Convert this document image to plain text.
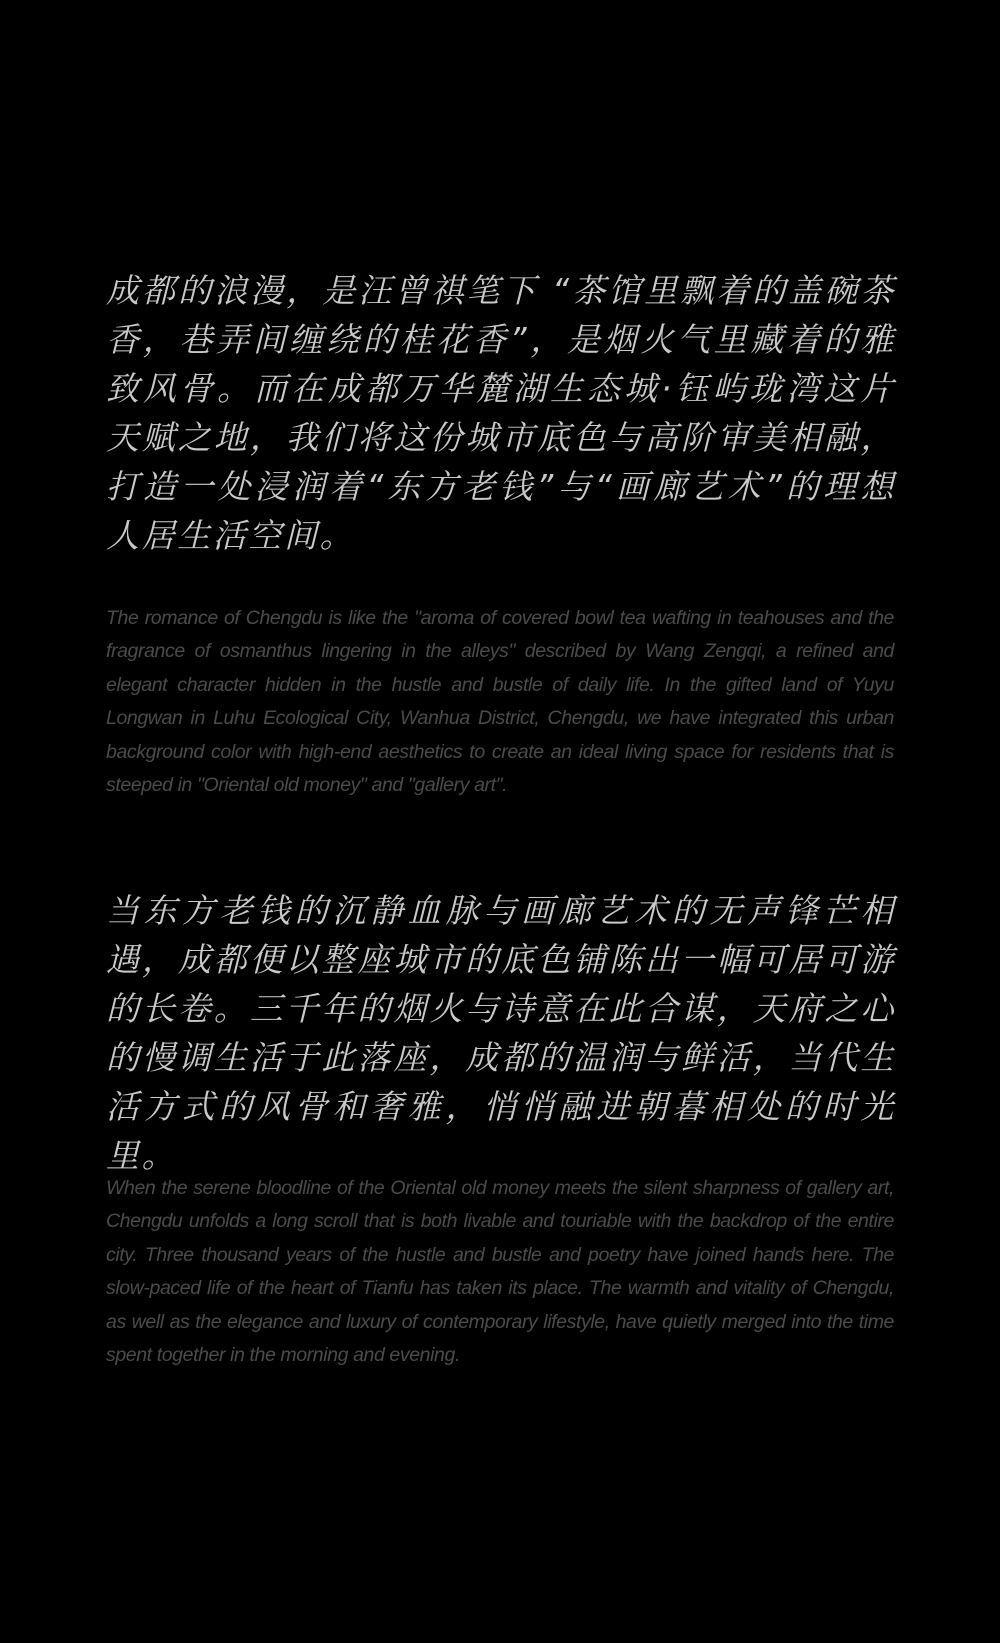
成都的浪漫，是汪曾祺笔下 “茶馆里飘着的盖碗茶香，巷弄间缠绕的桂花香”，是烟火气里藏着的雅致风骨。而在成都万华麓湖生态城·钰屿珑湾这片天赋之地，我们将这份城市底色与高阶审美相融，打造一处浸润着“东方老钱”与“画廊艺术”的理想人居生活空间。

The romance of Chengdu is like the "aroma of covered bowl tea wafting in teahouses and the fragrance of osmanthus lingering in the alleys" described by Wang Zengqi, a refined and elegant character hidden in the hustle and bustle of daily life. In the gifted land of Yuyu Longwan in Luhu Ecological City, Wanhua District, Chengdu, we have integrated this urban background color with high-end aesthetics to create an ideal living space for residents that is steeped in "Oriental old money" and "gallery art".

当东方老钱的沉静血脉与画廊艺术的无声锋芒相遇，成都便以整座城市的底色铺陈出一幅可居可游的长卷。三千年的烟火与诗意在此合谋，天府之心的慢调生活于此落座，成都的温润与鲜活，当代生活方式的风骨和奢雅，悄悄融进朝暮相处的时光里。

When the serene bloodline of the Oriental old money meets the silent sharpness of gallery art, Chengdu unfolds a long scroll that is both livable and touriable with the backdrop of the entire city. Three thousand years of the hustle and bustle and poetry have joined hands here. The slow-paced life of the heart of Tianfu has taken its place. The warmth and vitality of Chengdu, as well as the elegance and luxury of contemporary lifestyle, have quietly merged into the time spent together in the morning and evening.
